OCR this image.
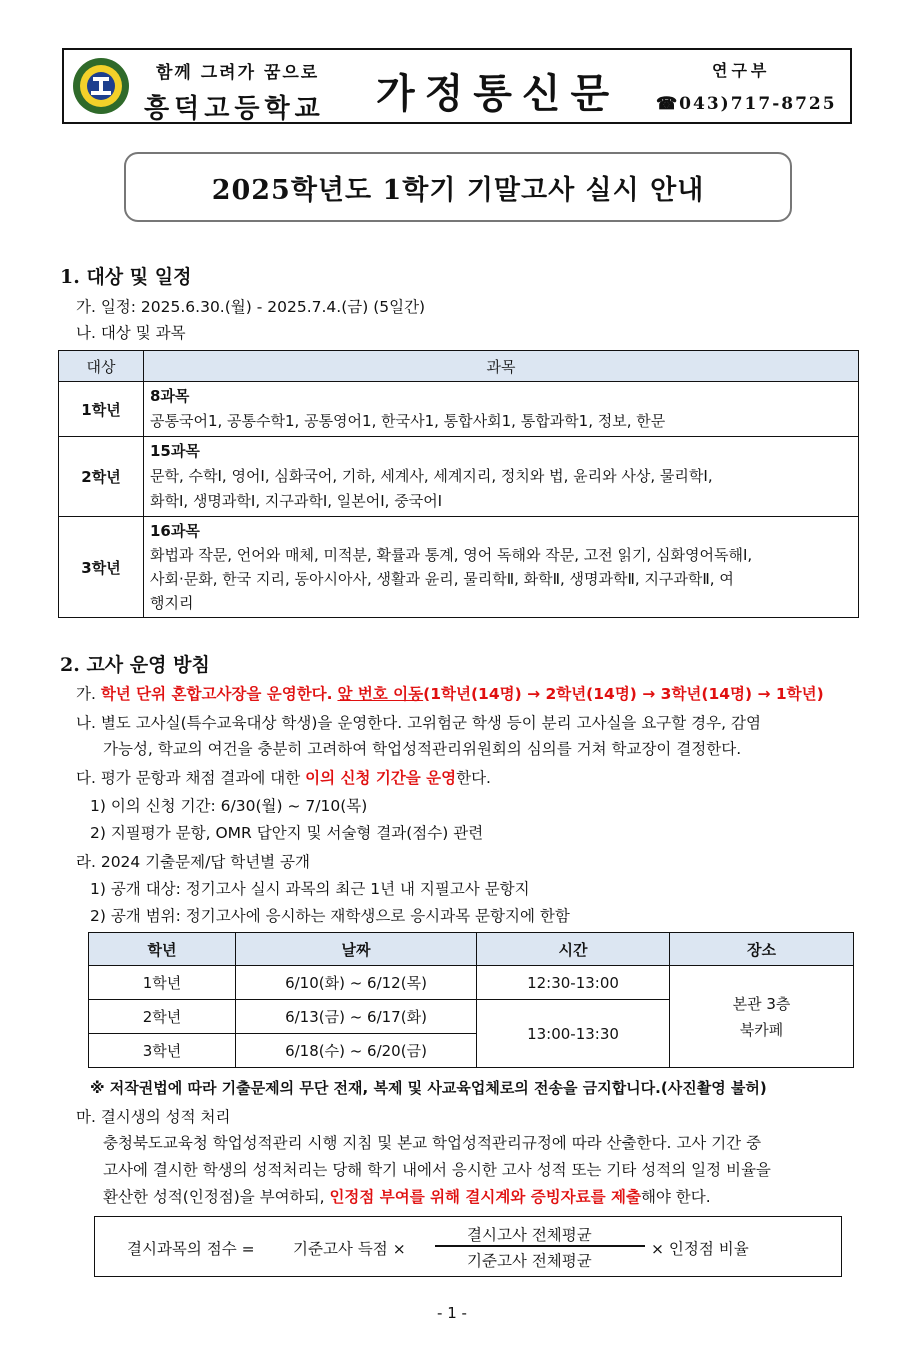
함께 그려가 꿈으로
흥덕고등학교 가정통신문
연구부
☎043)717-8725
2025학년도 1학기 기말고사 실시 안내
1. 대상 및 일정
가. 일정: 2025.6.30.(월) - 2025.7.4.(금) (5일간)
나. 대상 및 과목
대상	과목
1학년	8과목
공통국어1, 공통수학1, 공통영어1, 한국사1, 통합사회1, 통합과학1, 정보, 한문

2학년	15과목
문학, 수학Ⅰ, 영어Ⅰ, 심화국어, 기하, 세계사, 세계지리, 정치와 법, 윤리와 사상, 물리학Ⅰ,
화학Ⅰ, 생명과학Ⅰ, 지구과학Ⅰ, 일본어Ⅰ, 중국어Ⅰ

3학년	16과목
화법과 작문, 언어와 매체, 미적분, 확률과 통계, 영어 독해와 작문, 고전 읽기, 심화영어독해Ⅰ,
사회·문화, 한국 지리, 동아시아사, 생활과 윤리, 물리학Ⅱ, 화학Ⅱ, 생명과학Ⅱ, 지구과학Ⅱ, 여
행지리
2. 고사 운영 방침
가. 학년 단위 혼합고사장을 운영한다. 앞 번호 이동(1학년(14명) → 2학년(14명) → 3학년(14명) → 1학년)
나. 별도 고사실(특수교육대상 학생)을 운영한다. 고위험군 학생 등이 분리 고사실을 요구할 경우, 감염
가능성, 학교의 여건을 충분히 고려하여 학업성적관리위원회의 심의를 거쳐 학교장이 결정한다.
다. 평가 문항과 채점 결과에 대한 이의 신청 기간을 운영한다.
1) 이의 신청 기간: 6/30(월) ~ 7/10(목)
2) 지필평가 문항, OMR 답안지 및 서술형 결과(점수) 관련
라. 2024 기출문제/답 학년별 공개
1) 공개 대상: 정기고사 실시 과목의 최근 1년 내 지필고사 문항지
2) 공개 범위: 정기고사에 응시하는 재학생으로 응시과목 문항지에 한함
학년	날짜	시간	장소
1학년	6/10(화) ~ 6/12(목)	12:30-13:00	본관 3층
북카페

2학년	6/13(금) ~ 6/17(화)	13:00-13:30	
3학년	6/18(수) ~ 6/20(금)		
※ 저작권법에 따라 기출문제의 무단 전재, 복제 및 사교육업체로의 전송을 금지합니다.(사진촬영 불허)
마. 결시생의 성적 처리
충청북도교육청 학업성적관리 시행 지침 및 본교 학업성적관리규정에 따라 산출한다. 고사 기간 중
고사에 결시한 학생의 성적처리는 당해 학기 내에서 응시한 고사 성적 또는 기타 성적의 일정 비율을
환산한 성적(인정점)을 부여하되, 인정점 부여를 위해 결시계와 증빙자료를 제출해야 한다.
결시과목의 점수 = 기준고사 득점 ×
결시고사 전체평균
기준고사 전체평균
× 인정점 비율
- 1 -
